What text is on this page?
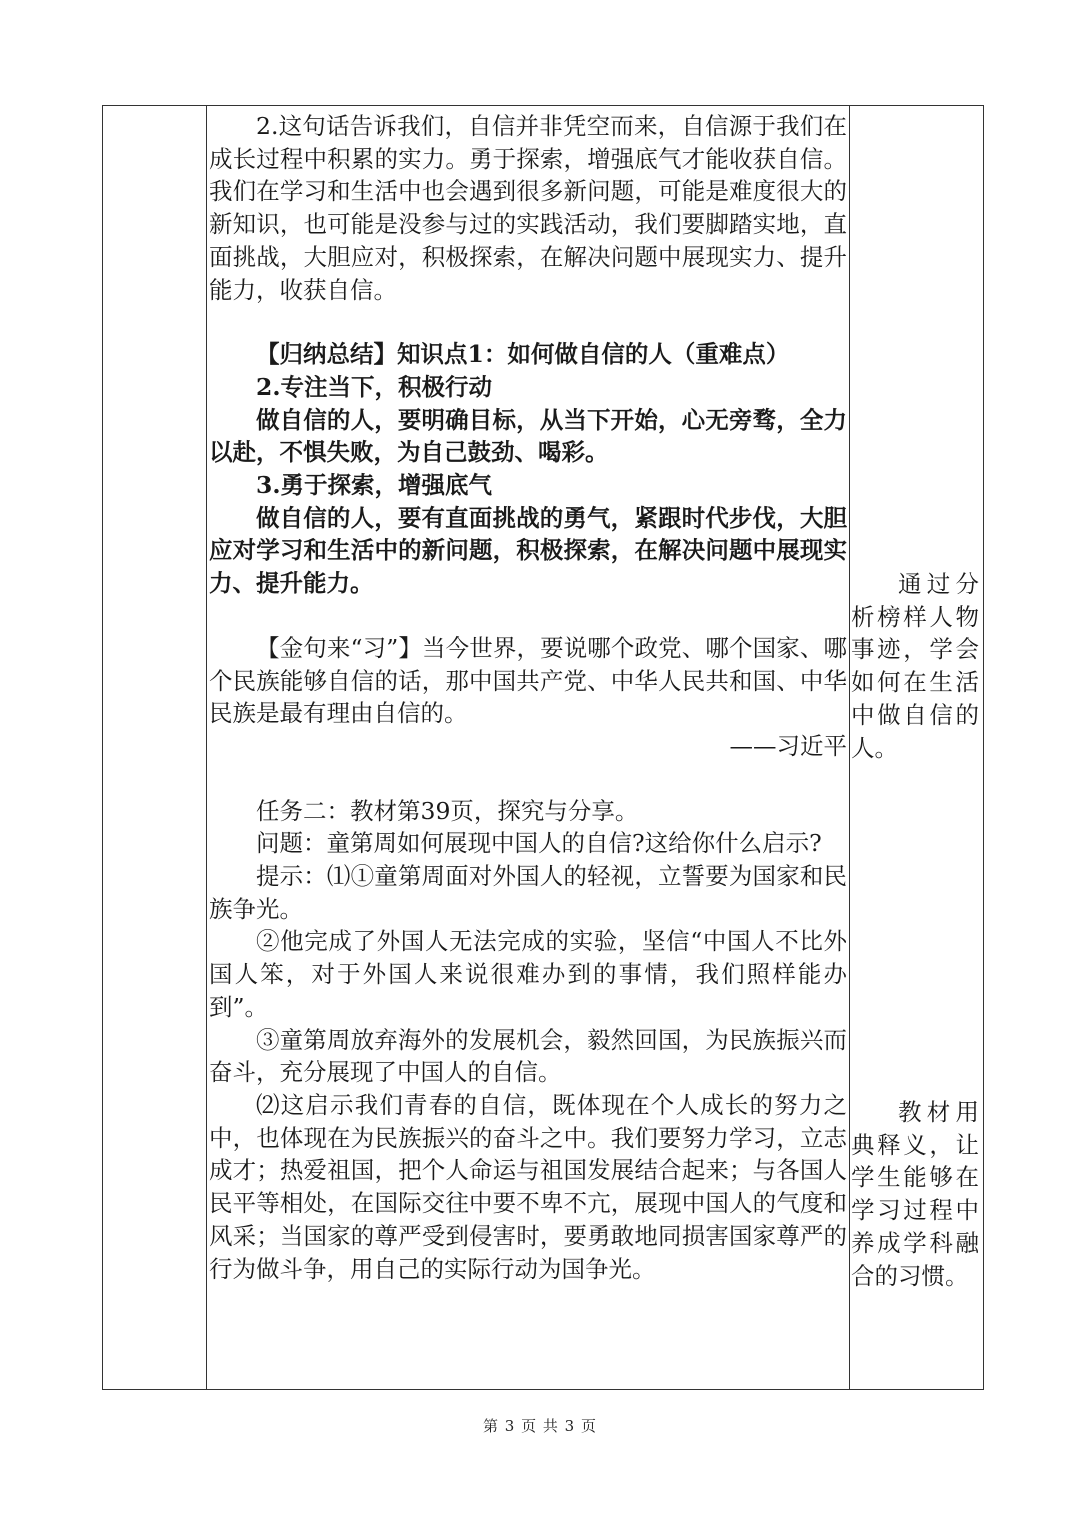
2.这句话告诉我们，自信并非凭空而来，自信源于我们在成长过程中积累的实力。勇于探索，增强底气才能收获自信。我们在学习和生活中也会遇到很多新问题，可能是难度很大的新知识，也可能是没参与过的实践活动，我们要脚踏实地，直面挑战，大胆应对，积极探索，在解决问题中展现实力、提升能力，收获自信。

【归纳总结】知识点1：如何做自信的人（重难点）

2.专注当下，积极行动

做自信的人，要明确目标，从当下开始，心无旁骛，全力以赴，不惧失败，为自己鼓劲、喝彩。

3.勇于探索，增强底气

做自信的人，要有直面挑战的勇气，紧跟时代步伐，大胆应对学习和生活中的新问题，积极探索，在解决问题中展现实力、提升能力。

【金句来“习”】当今世界，要说哪个政党、哪个国家、哪个民族能够自信的话，那中国共产党、中华人民共和国、中华民族是最有理由自信的。

——习近平

任务二：教材第39页，探究与分享。

问题：童第周如何展现中国人的自信?这给你什么启示?

提示：⑴①童第周面对外国人的轻视，立誓要为国家和民族争光。

②他完成了外国人无法完成的实验，坚信“中国人不比外国人笨，对于外国人来说很难办到的事情，我们照样能办到”。

③童第周放弃海外的发展机会，毅然回国，为民族振兴而奋斗，充分展现了中国人的自信。

⑵这启示我们青春的自信，既体现在个人成长的努力之中，也体现在为民族振兴的奋斗之中。我们要努力学习，立志成才；热爱祖国，把个人命运与祖国发展结合起来；与各国人民平等相处，在国际交往中要不卑不亢，展现中国人的气度和风采；当国家的尊严受到侵害时，要勇敢地同损害国家尊严的行为做斗争，用自己的实际行动为国争光。

通过分析榜样人物事迹，学会如何在生活中做自信的人。

教材用典释义，让学生能够在学习过程中养成学科融合的习惯。

第 3 页 共 3 页
